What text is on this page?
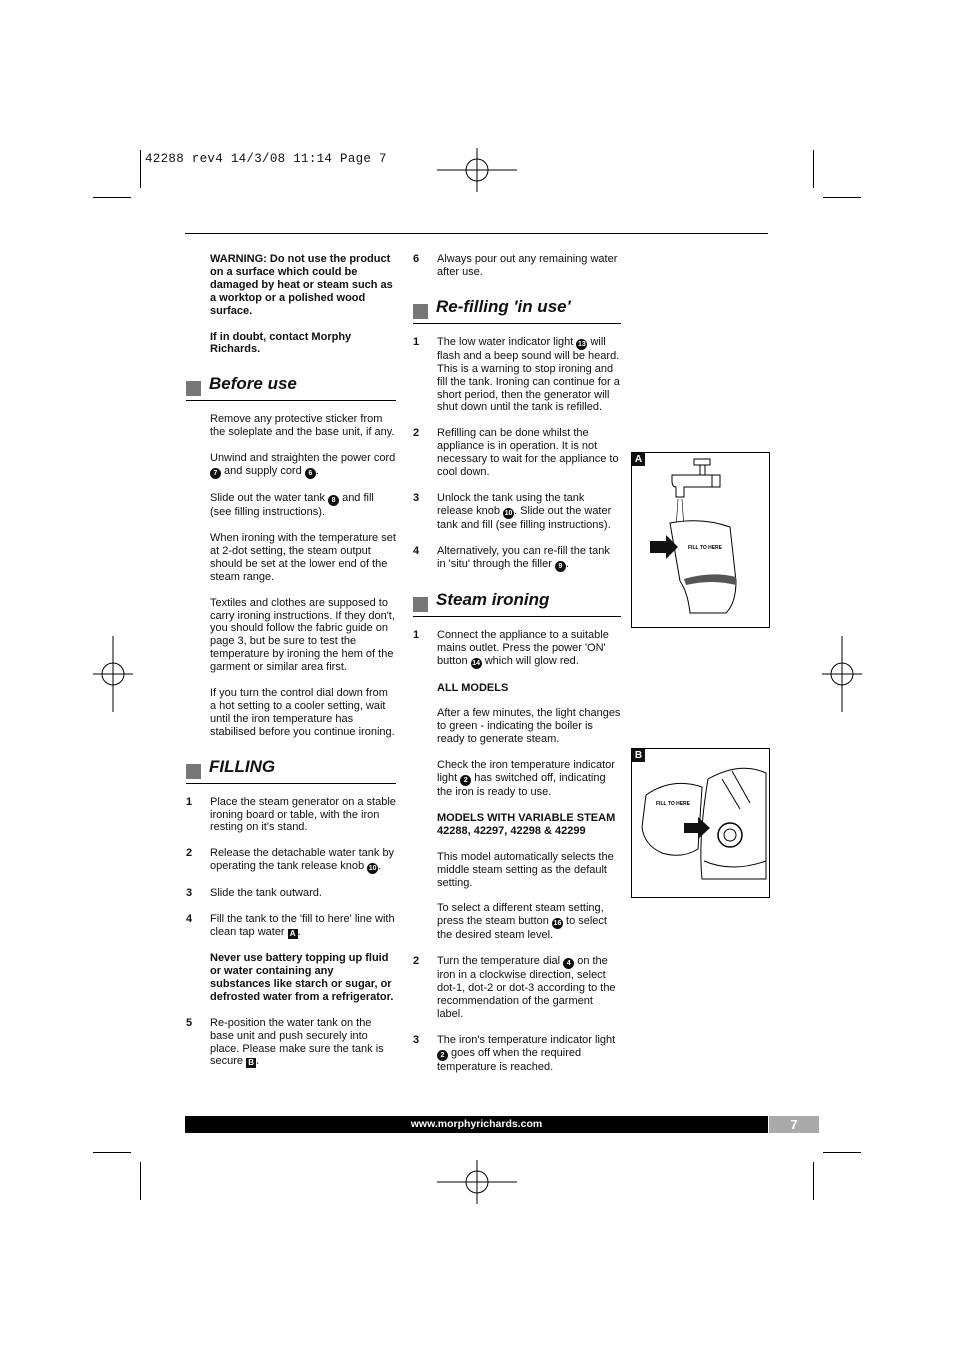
42288 rev4 14/3/08 11:14 Page 7

WARNING: Do not use the product on a surface which could be damaged by heat or steam such as a worktop or a polished wood surface.

If in doubt, contact Morphy Richards.

Before use

Remove any protective sticker from the soleplate and the base unit, if any.

Unwind and straighten the power cord 7 and supply cord 6 .

Slide out the water tank 8 and fill (see filling instructions).

When ironing with the temperature set at 2-dot setting, the steam output should be set at the lower end of the steam range.

Textiles and clothes are supposed to carry ironing instructions. If they don't, you should follow the fabric guide on page 3, but be sure to test the temperature by ironing the hem of the garment or similar area first.

If you turn the control dial down from a hot setting to a cooler setting, wait until the iron temperature has stabilised before you continue ironing.

FILLING
1 Place the steam generator on a stable ironing board or table, with the iron resting on it's stand.

2 Release the detachable water tank by operating the tank release knob 10 .

3 Slide the tank outward.

4 Fill the tank to the 'fill to here' line with clean tap water A .

Never use battery topping up fluid or water containing any substances like starch or sugar, or defrosted water from a refrigerator.

5 Re-position the water tank on the base unit and push securely into place. Please make sure the tank is secure B .

6 Always pour out any remaining water after use.

Re-filling 'in use'
1 The low water indicator light 13 will flash and a beep sound will be heard. This is a warning to stop ironing and fill the tank. Ironing can continue for a short period, then the generator will shut down until the tank is refilled.

2 Refilling can be done whilst the appliance is in operation. It is not necessary to wait for the appliance to cool down.

3 Unlock the tank using the tank release knob 10 . Slide out the water tank and fill (see filling instructions).

4 Alternatively, you can re-fill the tank in 'situ' through the filler 9 .

Steam ironing
1 Connect the appliance to a suitable mains outlet. Press the power 'ON' button 14 which will glow red.

ALL MODELS

After a few minutes, the light changes to green - indicating the boiler is ready to generate steam.

Check the iron temperature indicator light 2 has switched off, indicating the iron is ready to use.

MODELS WITH VARIABLE STEAM 42288, 42297, 42298 & 42299

This model automatically selects the middle steam setting as the default setting.

To select a different steam setting, press the steam button 16 to select the desired steam level.

2 Turn the temperature dial 4 on the iron in a clockwise direction, select dot-1, dot-2 or dot-3 according to the recommendation of the garment label.

3 The iron's temperature indicator light 2 goes off when the required temperature is reached.

A
FILL TO HERE
B
FILL TO HERE
www.morphyrichards.com	7
